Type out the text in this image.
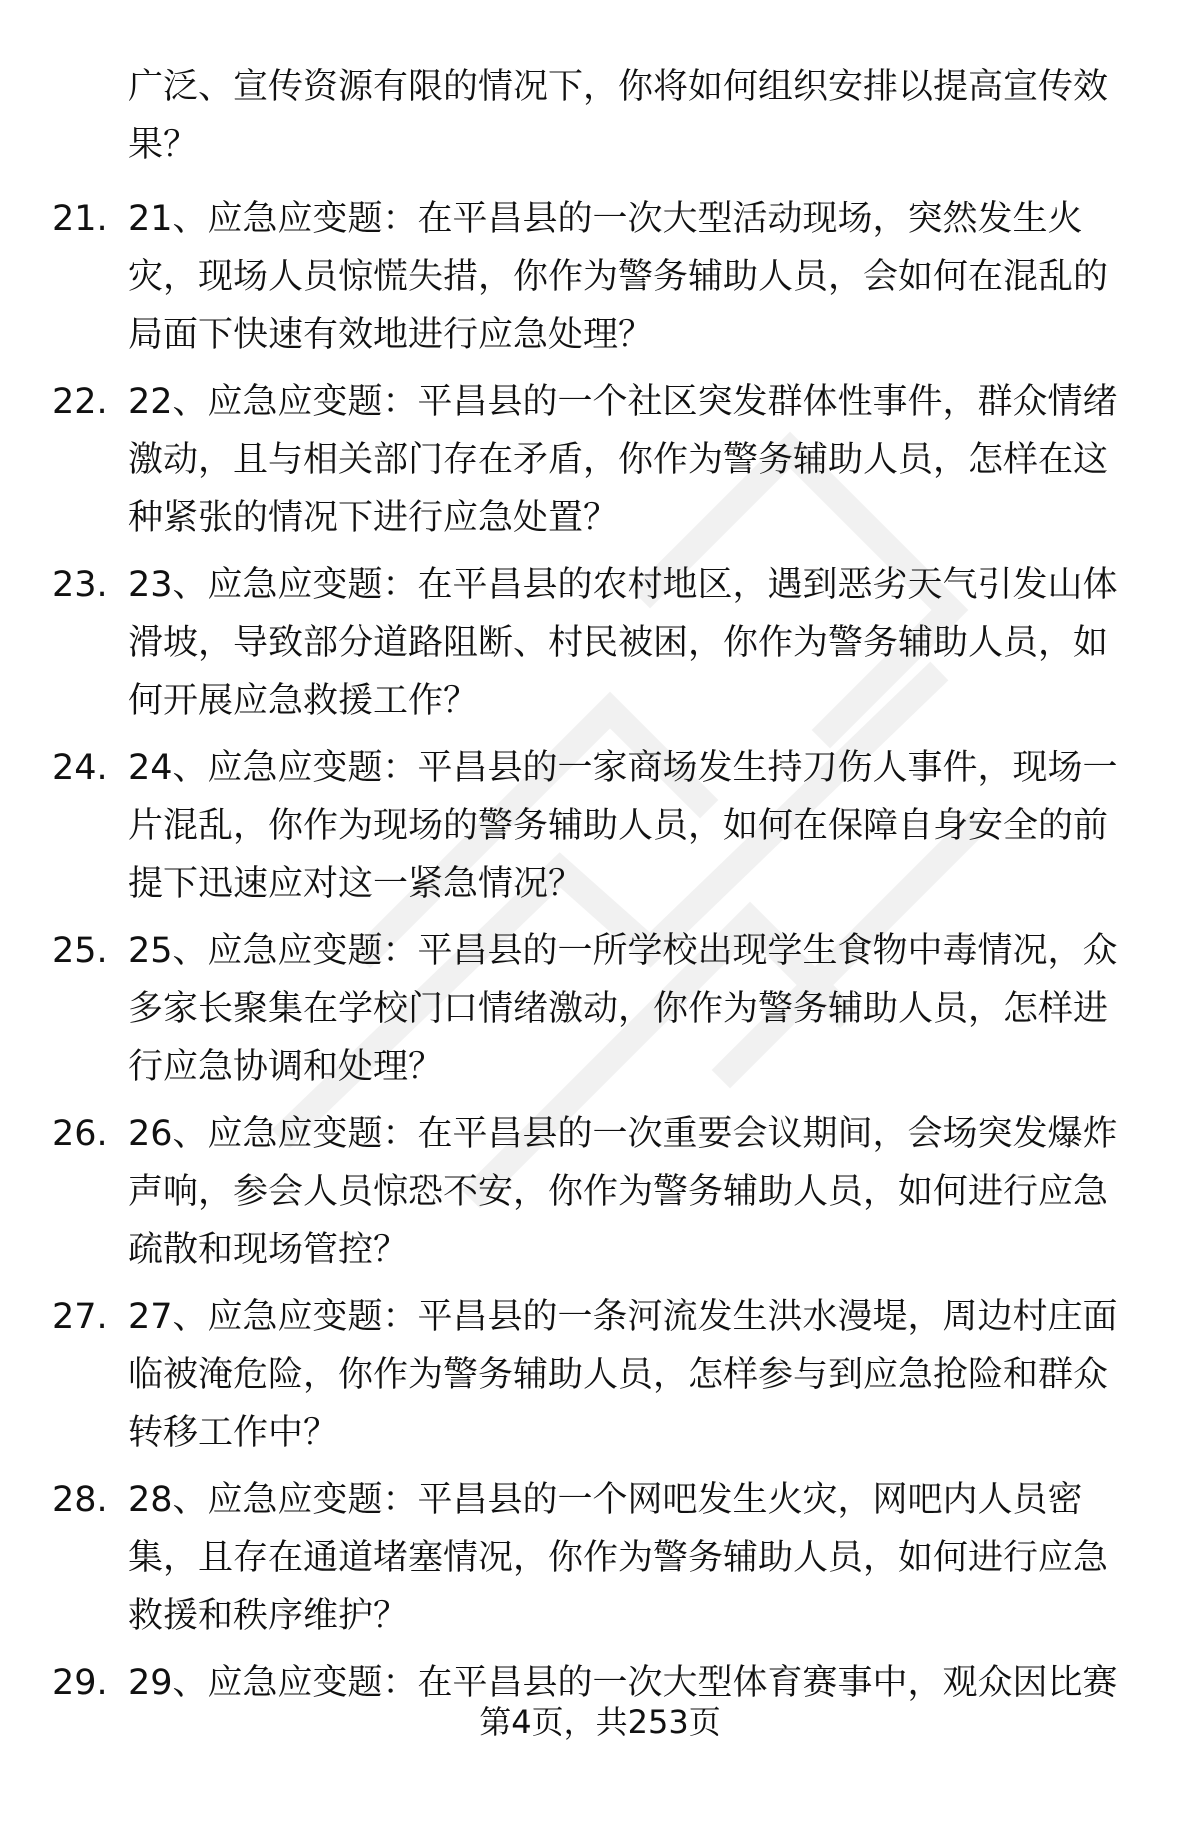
广泛、宣传资源有限的情况下，你将如何组织安排以提高宣传效果？
21. 21、应急应变题：在平昌县的一次大型活动现场，突然发生火灾，现场人员惊慌失措，你作为警务辅助人员，会如何在混乱的局面下快速有效地进行应急处理？
22. 22、应急应变题：平昌县的一个社区突发群体性事件，群众情绪激动，且与相关部门存在矛盾，你作为警务辅助人员，怎样在这种紧张的情况下进行应急处置？
23. 23、应急应变题：在平昌县的农村地区，遇到恶劣天气引发山体滑坡，导致部分道路阻断、村民被困，你作为警务辅助人员，如何开展应急救援工作？
24. 24、应急应变题：平昌县的一家商场发生持刀伤人事件，现场一片混乱，你作为现场的警务辅助人员，如何在保障自身安全的前提下迅速应对这一紧急情况？
25. 25、应急应变题：平昌县的一所学校出现学生食物中毒情况，众多家长聚集在学校门口情绪激动，你作为警务辅助人员，怎样进行应急协调和处理？
26. 26、应急应变题：在平昌县的一次重要会议期间，会场突发爆炸声响，参会人员惊恐不安，你作为警务辅助人员，如何进行应急疏散和现场管控？
27. 27、应急应变题：平昌县的一条河流发生洪水漫堤，周边村庄面临被淹危险，你作为警务辅助人员，怎样参与到应急抢险和群众转移工作中？
28. 28、应急应变题：平昌县的一个网吧发生火灾，网吧内人员密集，且存在通道堵塞情况，你作为警务辅助人员，如何进行应急救援和秩序维护？
29. 29、应急应变题：在平昌县的一次大型体育赛事中，观众因比赛
第4页，共253页
